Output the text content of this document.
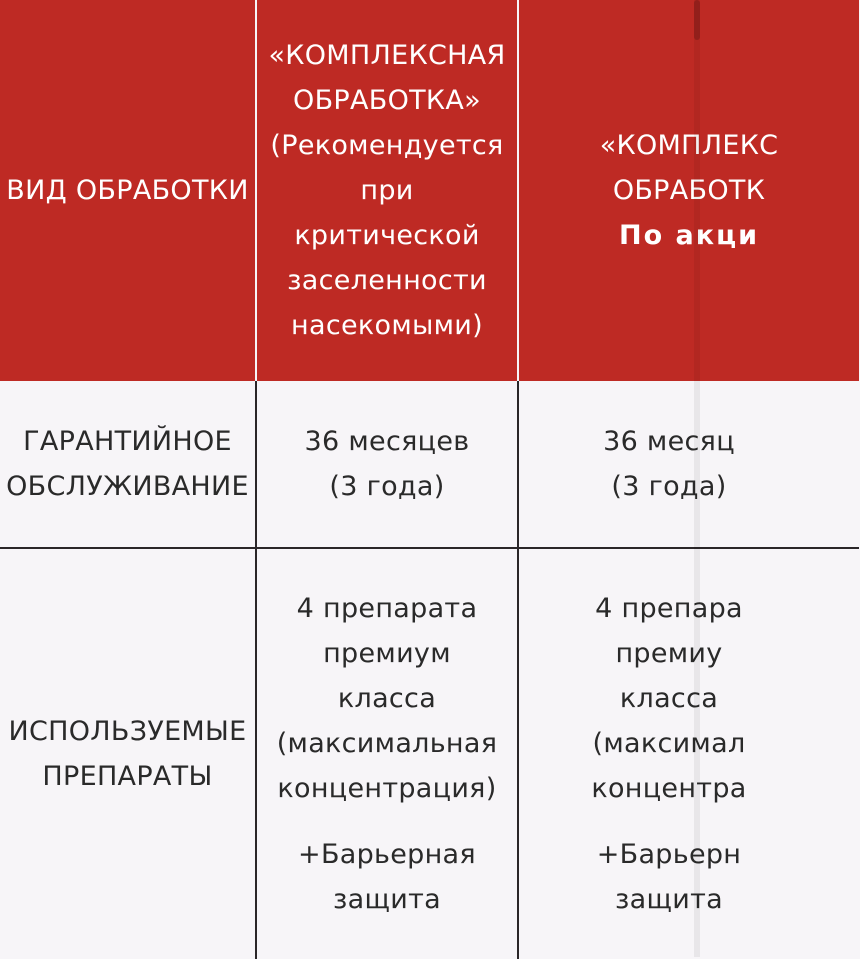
ВИД ОБРАБОТКИ
«КОМПЛЕКСНАЯ
ОБРАБОТКА»
(Рекомендуется
при
критической
заселенности
насекомыми)
«КОМПЛЕКС
ОБРАБОТК
По акци
ГАРАНТИЙНОЕ
ОБСЛУЖИВАНИЕ
36 месяцев
(3 года)
36 месяц
(3 года)
ИСПОЛЬЗУЕМЫЕ
ПРЕПАРАТЫ
4 препарата
премиум
класса
(максимальная
концентрация)
+Барьерная
защита
4 препара
премиу
класса
(максимал
концентра
+Барьерн
защита
